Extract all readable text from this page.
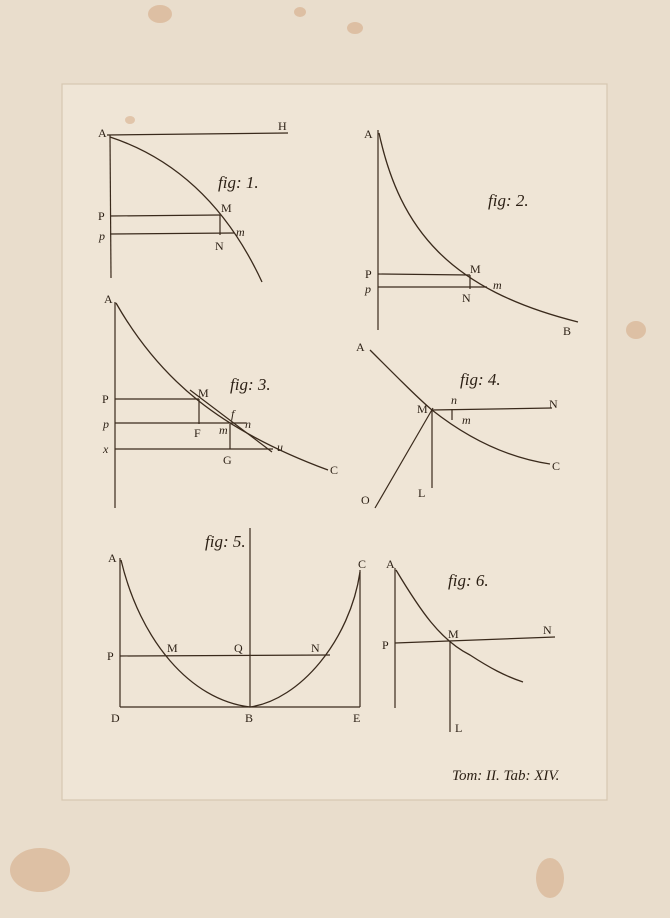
A	H
P
p
M
N
m
fig: 1.
A
P
p
M
N
m
B
fig: 2.
A
P
p
x
M
F
f
n
m
G
u
C
fig: 3.
A
M
n	N
m
C
L
O
fig: 4.
A	C
P
M	Q	N
D	B	E
fig: 5.
A
P
M	N
L
fig: 6.
Tom: II. Tab: XIV.
